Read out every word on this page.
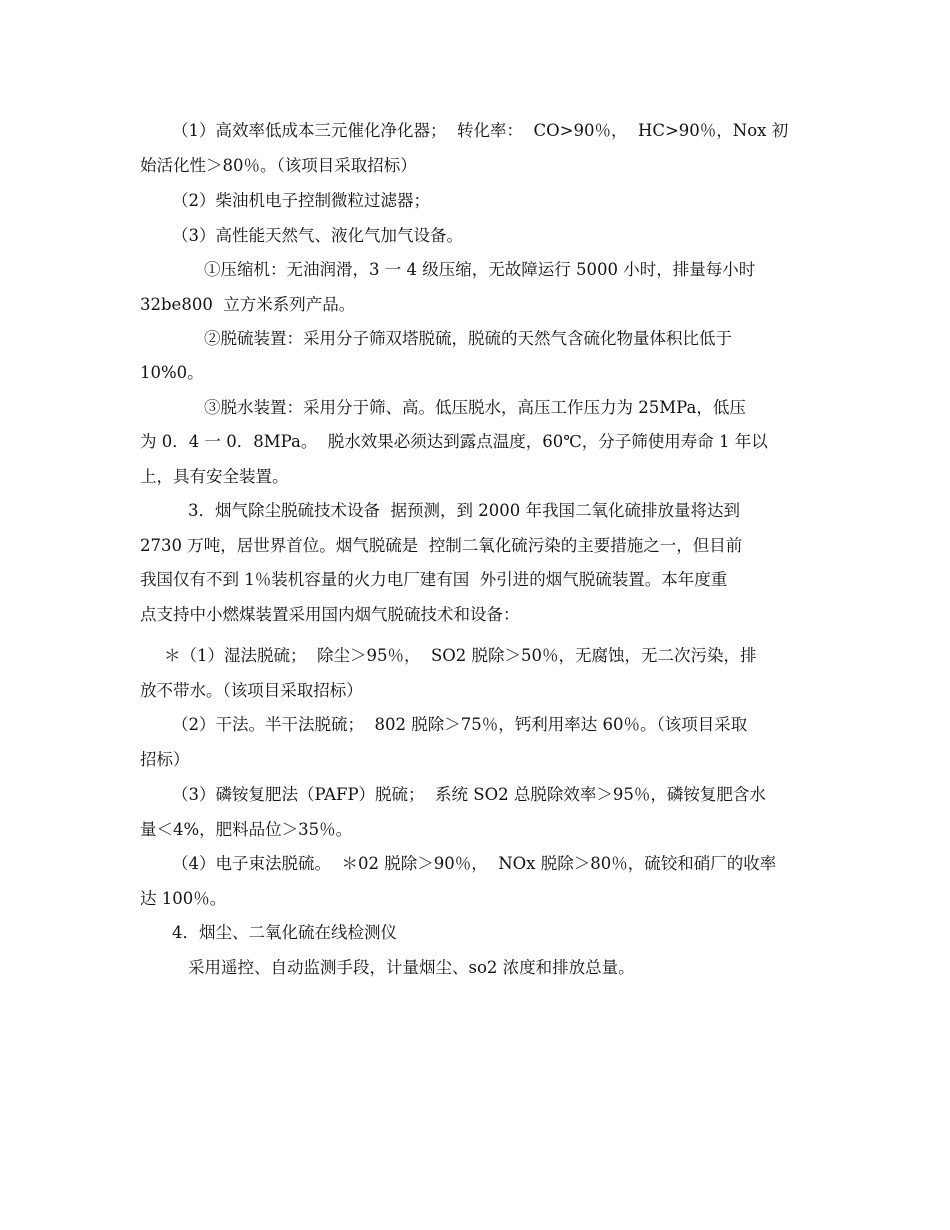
（1）高效率低成本三元催化净化器；  转化率：  CO>90％，  HC>90％，Nox 初
始活化性＞80％。（该项目采取招标）
（2）柴油机电子控制微粒过滤器；
（3）高性能天然气、液化气加气设备。
①压缩机：无油润滑，3 一 4 级压缩，无故障运行 5000 小时，排量每小时
32be800  立方米系列产品。
②脱硫装置：采用分子筛双塔脱硫，脱硫的天然气含硫化物量体积比低于
10%0。
③脱水装置：采用分于筛、高。低压脱水，高压工作压力为 25MPa，低压
为 0．4 一 0．8MPa。  脱水效果必须达到露点温度，60℃，分子筛使用寿命 1 年以
上，具有安全装置。
3．烟气除尘脱硫技术设备  据预测，到 2000 年我国二氧化硫排放量将达到
2730 万吨，居世界首位。烟气脱硫是  控制二氧化硫污染的主要措施之一，但目前
我国仅有不到 1％装机容量的火力电厂建有国  外引进的烟气脱硫装置。本年度重
点支持中小燃煤装置采用国内烟气脱硫技术和设备：
＊（1）湿法脱硫；  除尘＞95％，  SO2 脱除＞50％，无腐蚀，无二次污染，排
放不带水。（该项目采取招标）
（2）干法。半干法脱硫；  802 脱除＞75％，钙利用率达 60％。（该项目采取
招标）
（3）磷铵复肥法（PAFP）脱硫；  系统 SO2 总脱除效率＞95％，磷铵复肥含水
量＜4%，肥料品位＞35％。
（4）电子束法脱硫。  ＊02 脱除＞90％，  NOx 脱除＞80％，硫铰和硝厂的收率
达 100％。
4．烟尘、二氧化硫在线检测仪
采用遥控、自动监测手段，计量烟尘、so2 浓度和排放总量。
